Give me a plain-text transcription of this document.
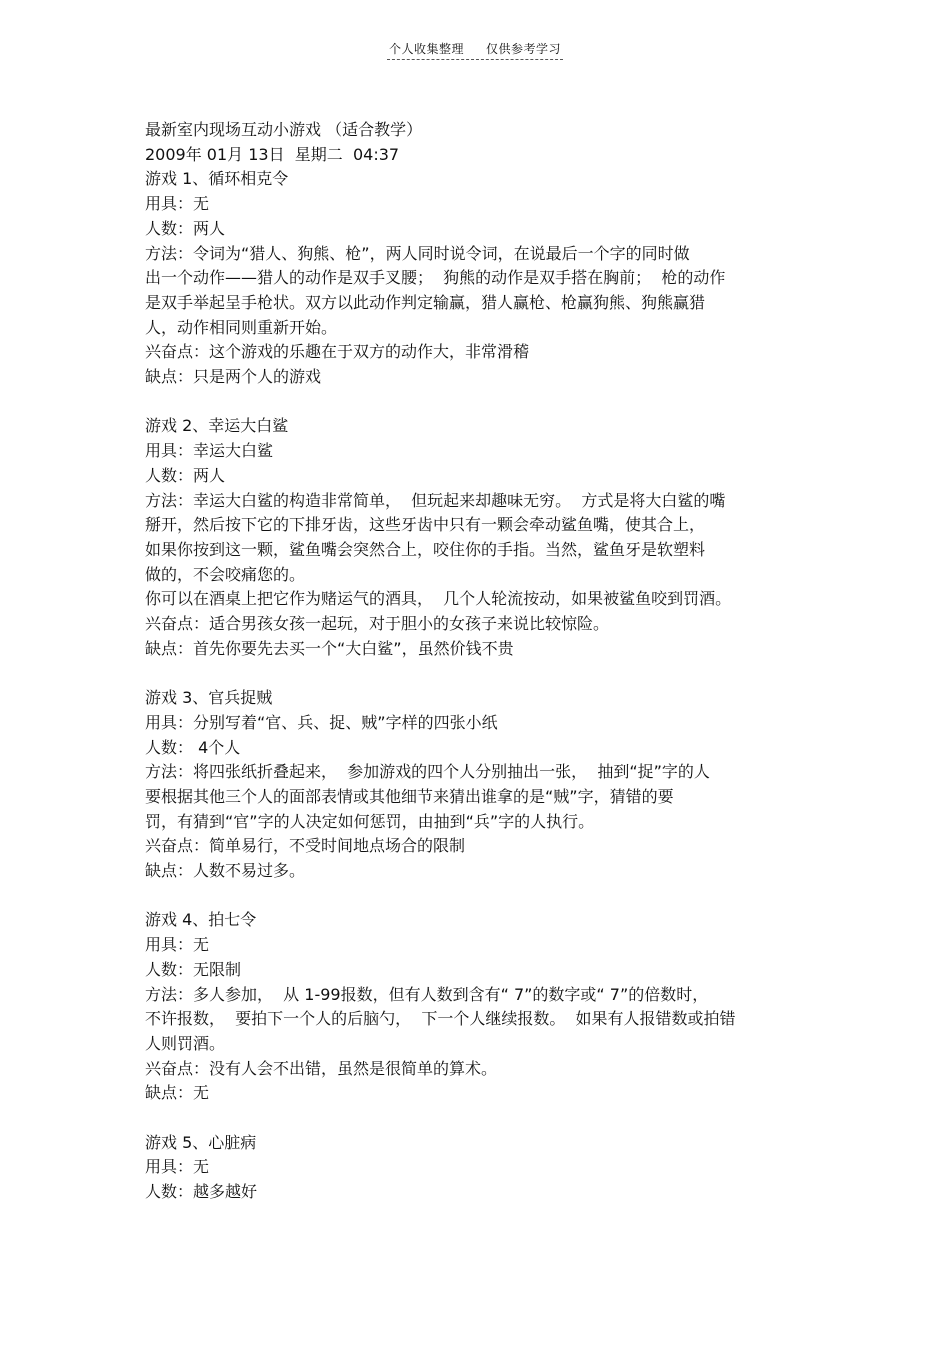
个人收集整理 仅供参考学习
最新室内现场互动小游戏 （适合教学）
2009年 01月 13日  星期二  04:37
游戏 1、循环相克令
用具：无
人数：两人
方法：令词为“猎人、狗熊、枪”，两人同时说令词，在说最后一个字的同时做
出一个动作——猎人的动作是双手叉腰；  狗熊的动作是双手搭在胸前；  枪的动作
是双手举起呈手枪状。双方以此动作判定输赢，猎人赢枪、枪赢狗熊、狗熊赢猎
人，动作相同则重新开始。
兴奋点：这个游戏的乐趣在于双方的动作大，非常滑稽
缺点：只是两个人的游戏
游戏 2、幸运大白鲨
用具：幸运大白鲨
人数：两人
方法：幸运大白鲨的构造非常简单，  但玩起来却趣味无穷。  方式是将大白鲨的嘴
掰开，然后按下它的下排牙齿，这些牙齿中只有一颗会牵动鲨鱼嘴，使其合上，
如果你按到这一颗，鲨鱼嘴会突然合上，咬住你的手指。当然，鲨鱼牙是软塑料
做的，不会咬痛您的。
你可以在酒桌上把它作为赌运气的酒具，  几个人轮流按动，如果被鲨鱼咬到罚酒。
兴奋点：适合男孩女孩一起玩，对于胆小的女孩子来说比较惊险。
缺点：首先你要先去买一个“大白鲨”，虽然价钱不贵
游戏 3、官兵捉贼
用具：分别写着“官、兵、捉、贼”字样的四张小纸
人数： 4个人
方法：将四张纸折叠起来，  参加游戏的四个人分别抽出一张，  抽到“捉”字的人
要根据其他三个人的面部表情或其他细节来猜出谁拿的是“贼”字，猜错的要
罚，有猜到“官”字的人决定如何惩罚，由抽到“兵”字的人执行。
兴奋点：简单易行，不受时间地点场合的限制
缺点：人数不易过多。
游戏 4、拍七令
用具：无
人数：无限制
方法：多人参加，  从 1-99报数，但有人数到含有“ 7”的数字或“ 7”的倍数时，
不许报数，  要拍下一个人的后脑勺，  下一个人继续报数。  如果有人报错数或拍错
人则罚酒。
兴奋点：没有人会不出错，虽然是很简单的算术。
缺点：无
游戏 5、心脏病
用具：无
人数：越多越好
